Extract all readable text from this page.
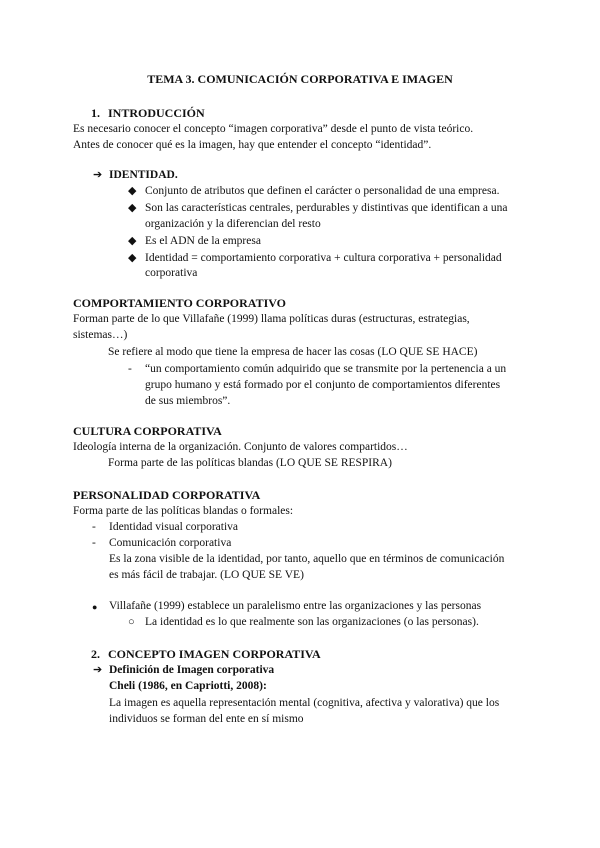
TEMA 3. COMUNICACIÓN CORPORATIVA E IMAGEN
1. INTRODUCCIÓN
Es necesario conocer el concepto “imagen corporativa” desde el punto de vista teórico.
Antes de conocer qué es la imagen, hay que entender el concepto “identidad”.
➔ IDENTIDAD.
◆ Conjunto de atributos que definen el carácter o personalidad de una empresa.
◆ Son las características centrales, perdurables y distintivas que identifican a una
organización y la diferencian del resto
◆ Es el ADN de la empresa
◆ Identidad = comportamiento corporativa + cultura corporativa + personalidad
corporativa
COMPORTAMIENTO CORPORATIVO
Forman parte de lo que Villafañe (1999) llama políticas duras (estructuras, estrategias,
sistemas…)
Se refiere al modo que tiene la empresa de hacer las cosas (LO QUE SE HACE)
- “un comportamiento común adquirido que se transmite por la pertenencia a un
grupo humano y está formado por el conjunto de comportamientos diferentes
de sus miembros”.
CULTURA CORPORATIVA
Ideología interna de la organización. Conjunto de valores compartidos…
Forma parte de las políticas blandas (LO QUE SE RESPIRA)
PERSONALIDAD CORPORATIVA
Forma parte de las políticas blandas o formales:
- Identidad visual corporativa
- Comunicación corporativa
Es la zona visible de la identidad, por tanto, aquello que en términos de comunicación
es más fácil de trabajar. (LO QUE SE VE)
● Villafañe (1999) establece un paralelismo entre las organizaciones y las personas
○ La identidad es lo que realmente son las organizaciones (o las personas).
2. CONCEPTO IMAGEN CORPORATIVA
➔ Definición de Imagen corporativa
Cheli (1986, en Capriotti, 2008):
La imagen es aquella representación mental (cognitiva, afectiva y valorativa) que los
individuos se forman del ente en sí mismo
